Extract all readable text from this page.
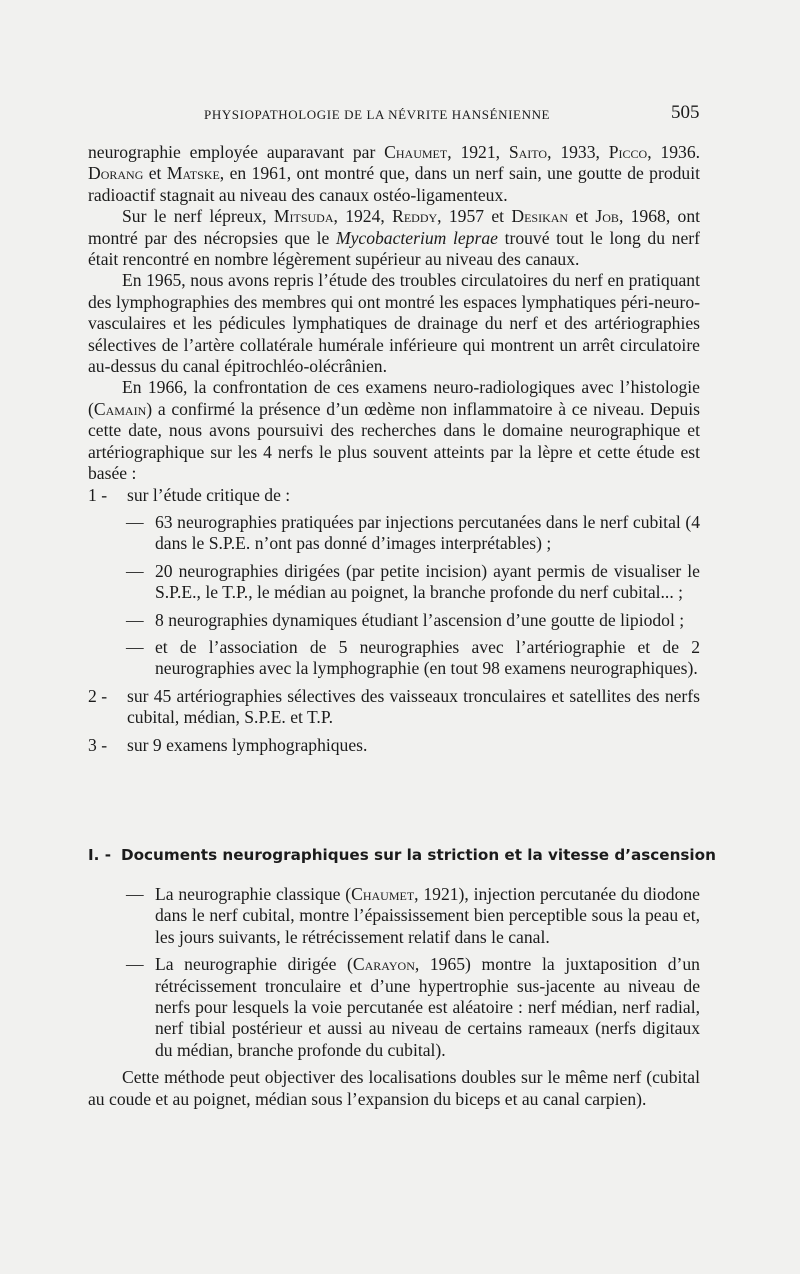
PHYSIOPATHOLOGIE DE LA NÉVRITE HANSÉNIENNE	505

neurographie employée auparavant par Chaumet, 1921, Saito, 1933, Picco, 1936. Dorang et Matske, en 1961, ont montré que, dans un nerf sain, une goutte de produit radioactif stagnait au niveau des canaux ostéo-ligamenteux.

Sur le nerf lépreux, Mitsuda, 1924, Reddy, 1957 et Desikan et Job, 1968, ont montré par des nécropsies que le Mycobacterium leprae trouvé tout le long du nerf était rencontré en nombre légèrement supérieur au niveau des canaux.

En 1965, nous avons repris l’étude des troubles circulatoires du nerf en pratiquant des lymphographies des membres qui ont montré les espaces lymphatiques péri-neuro-vasculaires et les pédicules lymphatiques de drainage du nerf et des artériographies sélectives de l’artère collatérale humérale inférieure qui montrent un arrêt circulatoire au-dessus du canal épitrochléo-olécrânien.

En 1966, la confrontation de ces examens neuro-radiologiques avec l’histologie (Camain) a confirmé la présence d’un œdème non inflammatoire à ce niveau. Depuis cette date, nous avons poursuivi des recherches dans le domaine neurographique et artériographique sur les 4 nerfs le plus souvent atteints par la lèpre et cette étude est basée :

1 - sur l’étude critique de :
— 63 neurographies pratiquées par injections percutanées dans le nerf cubital (4 dans le S.P.E. n’ont pas donné d’images interprétables) ;
— 20 neurographies dirigées (par petite incision) ayant permis de visualiser le S.P.E., le T.P., le médian au poignet, la branche profonde du nerf cubital... ;
— 8 neurographies dynamiques étudiant l’ascension d’une goutte de lipiodol ;
— et de l’association de 5 neurographies avec l’artériographie et de 2 neurographies avec la lymphographie (en tout 98 examens neurographiques).
2 - sur 45 artériographies sélectives des vaisseaux tronculaires et satellites des nerfs cubital, médian, S.P.E. et T.P.
3 - sur 9 examens lymphographiques.
I. - Documents neurographiques sur la striction et la vitesse d’ascension
— La neurographie classique (Chaumet, 1921), injection percutanée du diodone dans le nerf cubital, montre l’épaississement bien perceptible sous la peau et, les jours suivants, le rétrécissement relatif dans le canal.
— La neurographie dirigée (Carayon, 1965) montre la juxtaposition d’un rétrécissement tronculaire et d’une hypertrophie sus-jacente au niveau de nerfs pour lesquels la voie percutanée est aléatoire : nerf médian, nerf radial, nerf tibial postérieur et aussi au niveau de certains rameaux (nerfs digitaux du médian, branche profonde du cubital).

Cette méthode peut objectiver des localisations doubles sur le même nerf (cubital au coude et au poignet, médian sous l’expansion du biceps et au canal carpien).
